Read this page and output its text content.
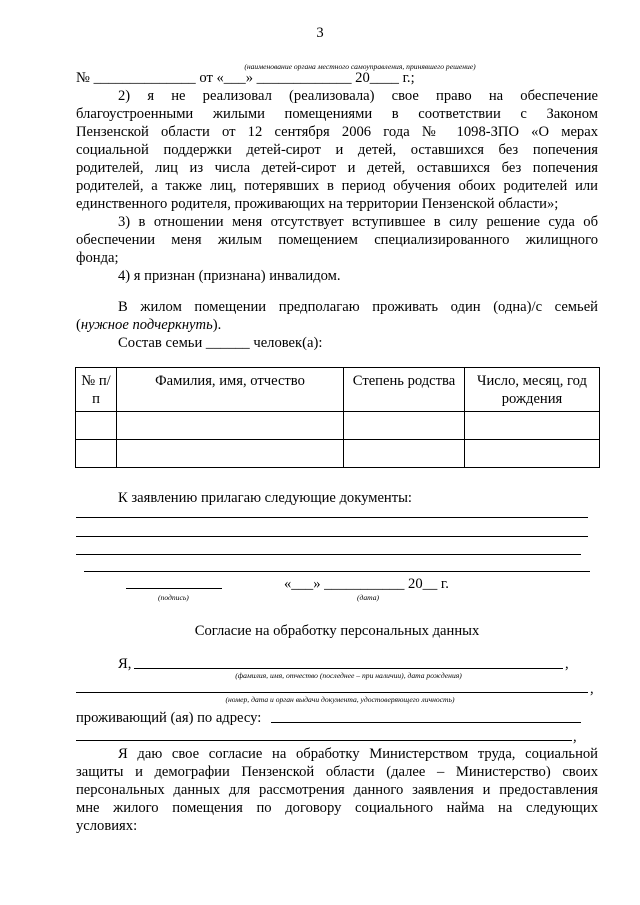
3
(наименование органа местного самоуправления, принявшего решение)
№ ______________ от «___» _____________ 20____ г.;
2) я не реализовал (реализовала) свое право на обеспечение
благоустроенными жилыми помещениями в соответствии с Законом
Пензенской области от 12 сентября 2006 года № 1098-ЗПО «О мерах
социальной поддержки детей-сирот и детей, оставшихся без попечения
родителей, лиц из числа детей-сирот и детей, оставшихся без попечения
родителей, а также лиц, потерявших в период обучения обоих родителей или
единственного родителя, проживающих на территории Пензенской области»;
3) в отношении меня отсутствует вступившее в силу решение суда об
обеспечении меня жилым помещением специализированного жилищного
фонда;
4) я признан (признана) инвалидом.
В жилом помещении предполагаю проживать один (одна)/с семьей
(нужное подчеркнуть).
Состав семьи ______ человек(а):
№ п/п	Фамилия, имя, отчество	Степень родства	Число, месяц, год рождения

К заявлению прилагаю следующие документы:
«___» ___________ 20__ г.
(подпись)	(дата)
Согласие на обработку персональных данных
Я,	,
(фамилия, имя, отчество (последнее – при наличии), дата рождения)
,
(номер, дата и орган выдачи документа, удостоверяющего личность)
проживающий (ая) по адресу:
,
Я даю свое согласие на обработку Министерством труда, социальной
защиты и демографии Пензенской области (далее – Министерство) своих
персональных данных для рассмотрения данного заявления и предоставления
мне жилого помещения по договору социального найма на следующих
условиях:
